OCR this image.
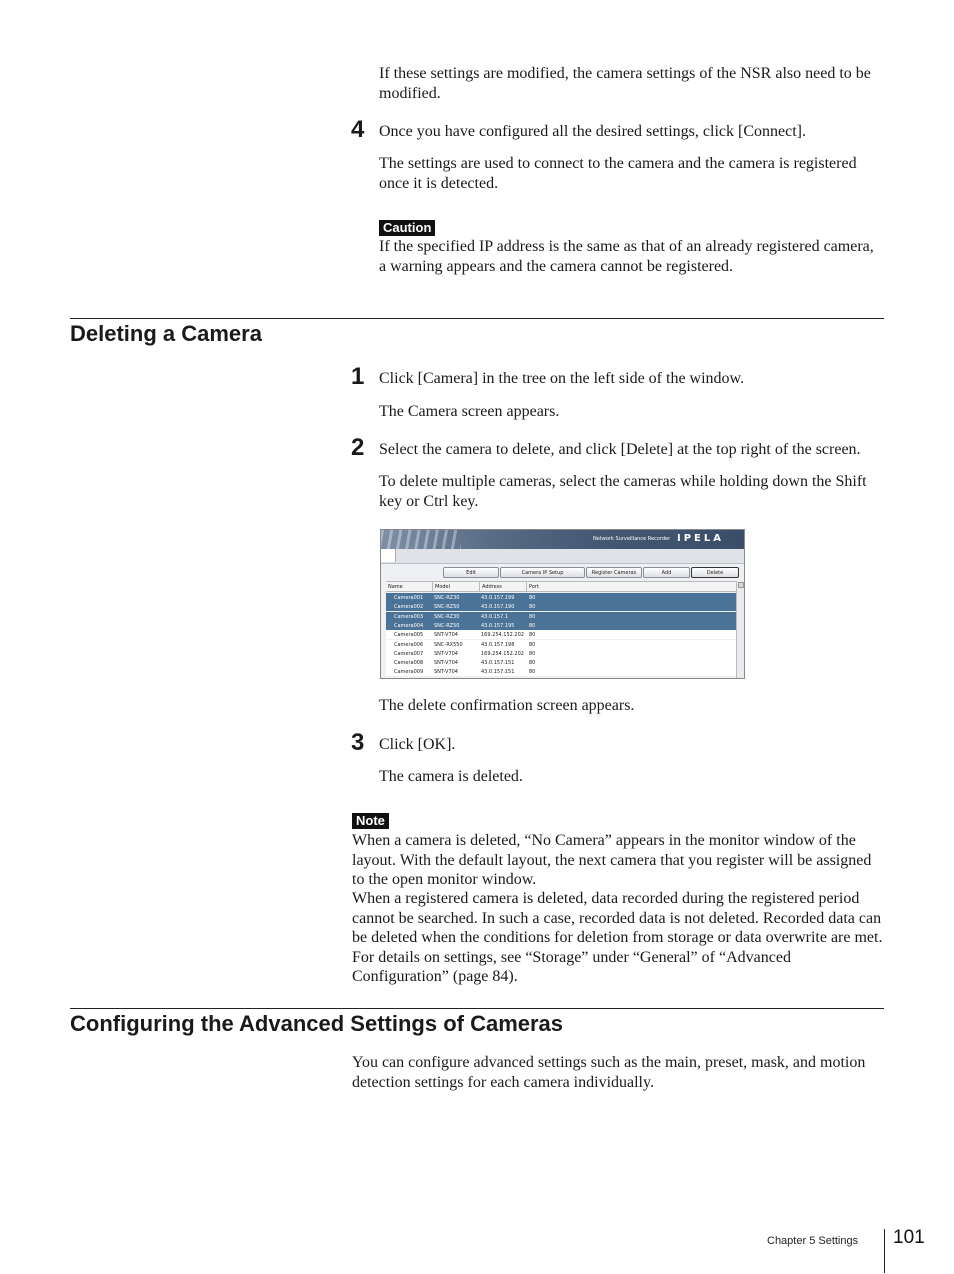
If these settings are modified, the camera settings of the NSR also need to be modified.

4 Once you have configured all the desired settings, click [Connect].

The settings are used to connect to the camera and the camera is registered once it is detected.

Caution

If the specified IP address is the same as that of an already registered camera, a warning appears and the camera cannot be registered.

Deleting a Camera
1 Click [Camera] in the tree on the left side of the window.

The Camera screen appears.

2 Select the camera to delete, and click [Delete] at the top right of the screen.

To delete multiple cameras, select the cameras while holding down the Shift key or Ctrl key.

Network Surveillance Recorder IPELA
Edit	Camera IP Setup	Register Cameras	Add	Delete
Name	Model	Address	Port
Camera001 SNC-RZ30	43.0.157.199	80
Camera002 SNC-RZ50	43.0.157.190	80
Camera003 SNC-RZ30	43.0.157.1	80
Camera004 SNC-RZ50	43.0.157.195	80
Camera005 SNT-V704	169.254.152.202 80
Camera006 SNC-RX550	43.0.157.198	80
Camera007 SNT-V704	169.254.152.202 80
Camera008 SNT-V704	43.0.157.151	80
Camera009 SNT-V704	43.0.157.151	80

The delete confirmation screen appears.

3 Click [OK].

The camera is deleted.

Note

When a camera is deleted, “No Camera” appears in the monitor window of the layout. With the default layout, the next camera that you register will be assigned to the open monitor window.

When a registered camera is deleted, data recorded during the registered period cannot be searched. In such a case, recorded data is not deleted. Recorded data can be deleted when the conditions for deletion from storage or data overwrite are met. For details on settings, see “Storage” under “General” of “Advanced Configuration” (page 84).

Configuring the Advanced Settings of Cameras

You can configure advanced settings such as the main, preset, mask, and motion detection settings for each camera individually.

Chapter 5 Settings 101
